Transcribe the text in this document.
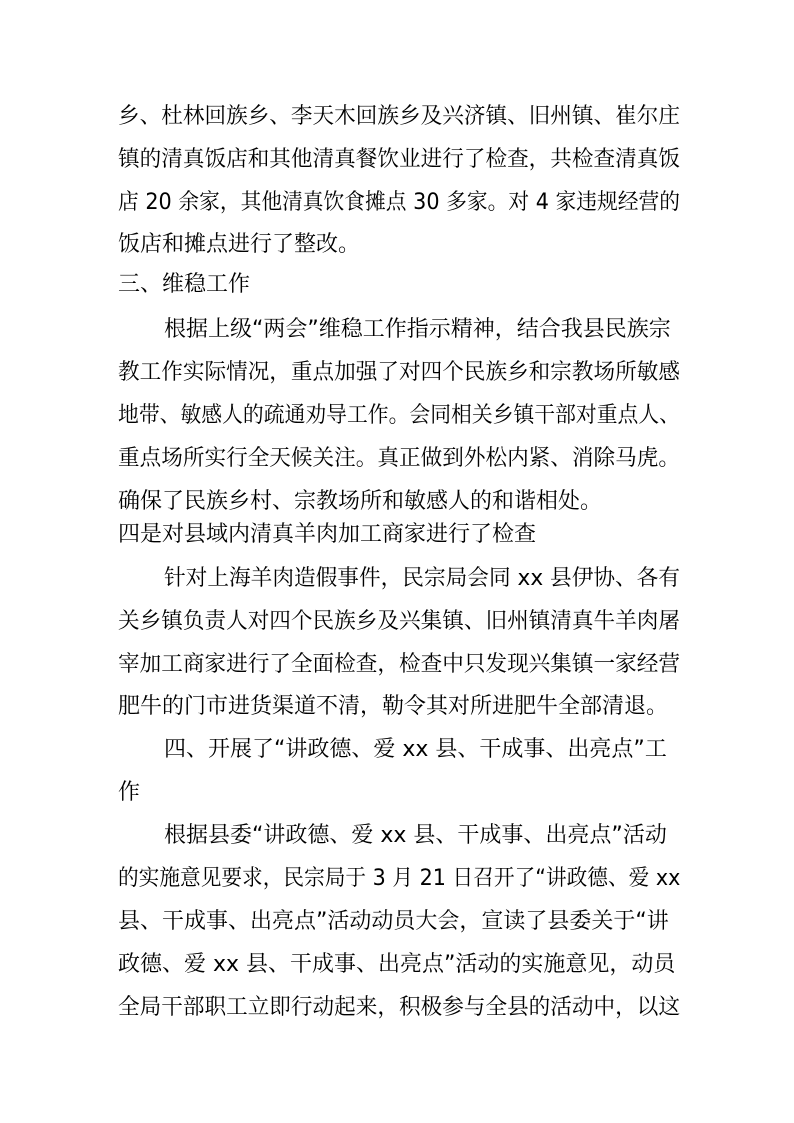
乡、杜林回族乡、李天木回族乡及兴济镇、旧州镇、崔尔庄
镇的清真饭店和其他清真餐饮业进行了检查，共检查清真饭
店 20 余家，其他清真饮食摊点 30 多家。对 4 家违规经营的
饭店和摊点进行了整改。
三、维稳工作
根据上级“两会”维稳工作指示精神，结合我县民族宗
教工作实际情况，重点加强了对四个民族乡和宗教场所敏感
地带、敏感人的疏通劝导工作。会同相关乡镇干部对重点人、
重点场所实行全天候关注。真正做到外松内紧、消除马虎。
确保了民族乡村、宗教场所和敏感人的和谐相处。
四是对县域内清真羊肉加工商家进行了检查
针对上海羊肉造假事件，民宗局会同 xx 县伊协、各有
关乡镇负责人对四个民族乡及兴集镇、旧州镇清真牛羊肉屠
宰加工商家进行了全面检查，检查中只发现兴集镇一家经营
肥牛的门市进货渠道不清，勒令其对所进肥牛全部清退。
四、开展了“讲政德、爱 xx 县、干成事、出亮点”工
作
根据县委“讲政德、爱 xx 县、干成事、出亮点”活动
的实施意见要求，民宗局于 3 月 21 日召开了“讲政德、爱 xx
县、干成事、出亮点”活动动员大会，宣读了县委关于“讲
政德、爱 xx 县、干成事、出亮点”活动的实施意见，动员
全局干部职工立即行动起来，积极参与全县的活动中，以这
